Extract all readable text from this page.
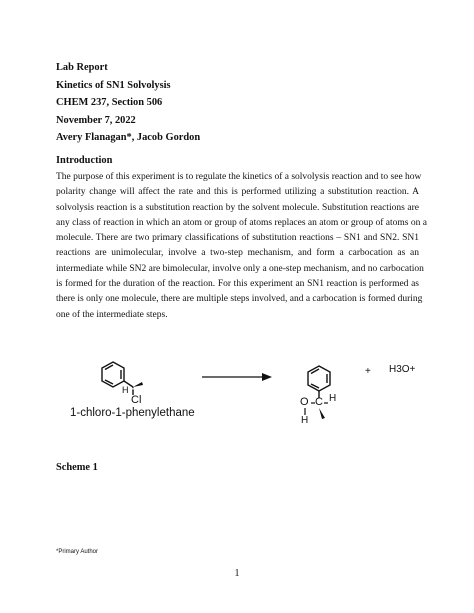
Lab Report
Kinetics of SN1 Solvolysis
CHEM 237, Section 506
November 7, 2022
Avery Flanagan*, Jacob Gordon
Introduction
The purpose of this experiment is to regulate the kinetics of a solvolysis reaction and to see how
polarity change will affect the rate and this is performed utilizing a substitution reaction. A
solvolysis reaction is a substitution reaction by the solvent molecule. Substitution reactions are
any class of reaction in which an atom or group of atoms replaces an atom or group of atoms on a
molecule. There are two primary classifications of substitution reactions – SN1 and SN2. SN1
reactions are unimolecular, involve a two-step mechanism, and form a carbocation as an
intermediate while SN2 are bimolecular, involve only a one-step mechanism, and no carbocation
is formed for the duration of the reaction. For this experiment an SN1 reaction is performed as
there is only one molecule, there are multiple steps involved, and a carbocation is formed during
one of the intermediate steps.
H
Cl
1-chloro-1-phenylethane
O C H
H
+ H3O+
Scheme 1
*Primary Author
1
